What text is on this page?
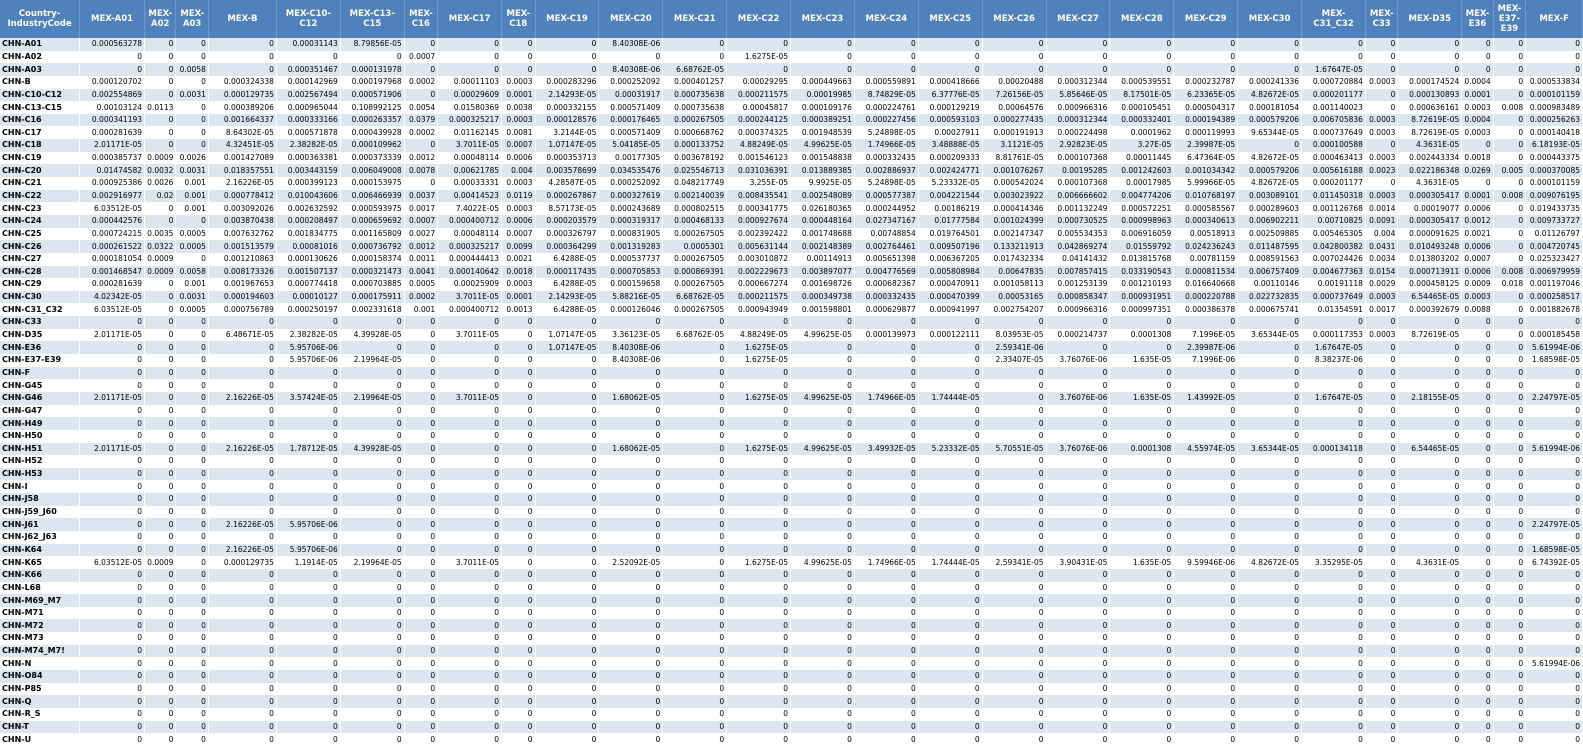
Country-IndustryCode	MEX-A01	MEX-A02	MEX-A03	MEX-B	MEX-C10-C12	MEX-C13-C15	MEX-C16	MEX-C17	MEX-C18	MEX-C19	MEX-C20	MEX-C21	MEX-C22	MEX-C23	MEX-C24	MEX-C25	MEX-C26	MEX-C27	MEX-C28	MEX-C29	MEX-C30	MEX-C31_C32	MEX-C33	MEX-D35	MEX-E36	MEX-E37-E39	MEX-F
CHN-A01	0.000563278	0	0	0	0.00031143	8.79856E-05	0	0	0	0	8.40308E-06	0	0	0	0	0	0	0	0	0	0	0	0	0	0	0	0
CHN-A02	0	0	0	0	0	0	0.0007	0	0	0	0	0	1.6275E-05	0	0	0	0	0	0	0	0	0	0	0	0	0	0
CHN-A03	0	0	0.0058	0	0.000351467	0.000131978	0	0	0	0	8.40308E-06	6.68762E-05	0	0	0	0	0	0	0	0	0	1.67647E-05	0	0	0	0	0
CHN-B	0.000120702	0	0	0.000324338	0.000142969	0.000197968	0.0002	0.00011103	0.0003	0.000283296	0.000252092	0.000401257	0.00029295	0.000449663	0.000559891	0.000418666	0.00020488	0.000312344	0.000539551	0.000232787	0.000241336	0.000720884	0.0003	0.000174524	0.0004	0	0.000533834
CHN-C10-C12	0.002554869	0	0.0031	0.000129735	0.002567494	0.000571906	0	0.00029609	0.0001	2.14293E-05	0.00031917	0.000735638	0.000211575	0.00019985	8.74829E-05	6.37776E-05	7.26156E-05	5.85646E-05	8.17501E-05	6.23365E-05	4.82672E-05	0.000201177	0	0.000130893	0.0001	0	0.000101159
CHN-C13-C15	0.00103124	0.0113	0	0.000389206	0.000965044	0.108992125	0.0054	0.01580369	0.0038	0.000332155	0.000571409	0.000735638	0.00045817	0.000109176	0.000224761	0.000129219	0.00064576	0.000966316	0.000105451	0.000504317	0.000181054	0.001140023	0	0.000636161	0.0003	0.008	0.000983489
CHN-C16	0.000341193	0	0	0.001664337	0.000333166	0.000263357	0.0379	0.000325217	0.0003	0.000128576	0.000176465	0.000267505	0.000244125	0.000389251	0.000227456	0.000593103	0.000277435	0.000312344	0.000332401	0.000194389	0.000579206	0.006705836	0.0003	8.72619E-05	0.0004	0	0.000256263
CHN-C17	0.000281639	0	0	8.64302E-05	0.000571878	0.000439928	0.0002	0.01162145	0.0081	3.2144E-05	0.000571409	0.000668762	0.000374325	0.001948539	5.24898E-05	0.00027911	0.000191913	0.000224498	0.0001962	0.000119993	9.65344E-05	0.000737649	0.0003	8.72619E-05	0.0003	0	0.000140418
CHN-C18	2.01171E-05	0	0	4.32451E-05	2.38282E-05	0.000109962	0	3.7011E-05	0.0007	1.07147E-05	5.04185E-05	0.000133752	4.88249E-05	4.99625E-05	1.74966E-05	3.48888E-05	3.1121E-05	2.92823E-05	3.27E-05	2.39987E-05	0	0.000100588	0	4.3631E-05	0	0	6.18193E-05
CHN-C19	0.000385737	0.0009	0.0026	0.001427089	0.000363381	0.000373339	0.0012	0.00048114	0.0006	0.000353713	0.00177305	0.003678192	0.001546123	0.001548838	0.000332435	0.000209333	8.81761E-05	0.000107368	0.00011445	6.47364E-05	4.82672E-05	0.000463413	0.0003	0.002443334	0.0018	0	0.000443375
CHN-C20	0.01474582	0.0032	0.0031	0.018357551	0.003443159	0.006049008	0.0078	0.00621785	0.004	0.003578699	0.034535476	0.025546713	0.031036391	0.013889385	0.002886937	0.002424771	0.001076267	0.00195285	0.001242603	0.001034342	0.000579206	0.005616188	0.0023	0.022186348	0.0269	0.005	0.000370085
CHN-C21	0.000925386	0.0026	0.001	2.16226E-05	0.000399123	0.000153975	0	0.00033331	0.0003	4.28587E-05	0.000252092	0.048217749	3.255E-05	9.9925E-05	5.24898E-05	5.23332E-05	0.000542024	0.000107368	0.00017985	5.99966E-05	4.82672E-05	0.000201177	0	4.3631E-05	0	0	0.000101159
CHN-C22	0.002916977	0.02	0.001	0.000778412	0.010043606	0.006466939	0.0037	0.00414523	0.0119	0.000267867	0.000327619	0.002140039	0.008435541	0.002548089	0.000577387	0.004221544	0.003023922	0.006666602	0.004774206	0.010768197	0.003089101	0.011450318	0.0003	0.000305417	0.0001	0.008	0.009076195
CHN-C23	6.03512E-05	0	0.001	0.003092026	0.002632592	0.000593975	0.0017	7.4022E-05	0.0003	8.57173E-05	0.000243689	0.000802515	0.000341775	0.026180365	0.000244952	0.00186219	0.000414346	0.001132249	0.000572251	0.000585567	0.000289603	0.001126768	0.0014	0.00019077	0.0006	0	0.019433735
CHN-C24	0.000442576	0	0	0.003870438	0.000208497	0.000659692	0.0007	0.000400712	0.0006	0.000203579	0.000319317	0.000468133	0.000927674	0.000448164	0.027347167	0.01777584	0.001024399	0.000730525	0.000998963	0.000340613	0.006902211	0.00710825	0.0091	0.000305417	0.0012	0	0.009733727
CHN-C25	0.000724215	0.0035	0.0005	0.007632762	0.001834775	0.001165809	0.0027	0.00048114	0.0007	0.000326797	0.000831905	0.000267505	0.002392422	0.001748688	0.00748854	0.019764501	0.002147347	0.005534353	0.006916059	0.00518913	0.002509885	0.005465305	0.004	0.000091625	0.0021	0	0.01126797
CHN-C26	0.000261522	0.0322	0.0005	0.001513579	0.00081016	0.000736792	0.0012	0.000325217	0.0099	0.000364299	0.001319283	0.0005301	0.005631144	0.002148389	0.002764461	0.009507196	0.133211913	0.042869274	0.01559792	0.024236243	0.011487595	0.042800382	0.0431	0.010493248	0.0006	0	0.004720745
CHN-C27	0.000181054	0.0009	0	0.001210863	0.000130626	0.000158374	0.0011	0.000444413	0.0021	6.4288E-05	0.000537737	0.000267505	0.003010872	0.00114913	0.005651398	0.006367205	0.017432334	0.04141432	0.013815768	0.00781159	0.008591563	0.007024426	0.0034	0.013803202	0.0007	0	0.025323427
CHN-C28	0.001468547	0.0009	0.0058	0.008173326	0.001507137	0.000321473	0.0041	0.000140642	0.0018	0.000117435	0.000705853	0.000869391	0.002229673	0.003897077	0.004776569	0.005808984	0.00647835	0.007857415	0.033190543	0.000811534	0.006757409	0.004677363	0.0154	0.000713911	0.0006	0.008	0.006979959
CHN-C29	0.000281639	0	0.001	0.001967653	0.000774418	0.000703885	0.0005	0.00025909	0.0003	6.4288E-05	0.000159658	0.000267505	0.000667274	0.001698726	0.000682367	0.000470911	0.001058113	0.001253139	0.001210193	0.016640668	0.00110146	0.00191118	0.0029	0.000458125	0.0009	0.018	0.001197046
CHN-C30	4.02342E-05	0	0.0031	0.000194603	0.00010127	0.000175911	0.0002	3.7011E-05	0.0001	2.14293E-05	5.88216E-05	6.68762E-05	0.000211575	0.000349738	0.000332435	0.000470399	0.00053165	0.000858347	0.000931951	0.000220788	0.022732835	0.000737649	0.0003	6.54465E-05	0.0003	0	0.000258517
CHN-C31_C32	6.03512E-05	0	0.0005	0.000756789	0.000250197	0.002331618	0.001	0.000400712	0.0013	6.4288E-05	0.000126046	0.000267505	0.000943949	0.001598801	0.000629877	0.000941997	0.002754207	0.000966316	0.000997351	0.000386378	0.000675741	0.01354591	0.0017	0.000392679	0.0088	0	0.001882678
CHN-C33	0	0	0	0	0	0	0	0	0	0	0	0	0	0	0	0	0	0	0	0	0	0	0	0	0	0	0
CHN-D35	2.01171E-05	0	0	6.48671E-05	2.38282E-05	4.39928E-05	0	3.7011E-05	0	1.07147E-05	3.36123E-05	6.68762E-05	4.88249E-05	4.99625E-05	0.000139973	0.000122111	8.03953E-05	0.000214737	0.0001308	7.1996E-05	3.65344E-05	0.000117353	0.0003	8.72619E-05	0	0	0.000185458
CHN-E36	0	0	0	0	5.95706E-06	0	0	0	0	1.07147E-05	8.40308E-06	0	1.6275E-05	0	0	0	2.59341E-06	0	0	2.39987E-06	0	1.67647E-05	0	0	0	0	5.61994E-06
CHN-E37-E39	0	0	0	0	5.95706E-06	2.19964E-05	0	0	0	0	8.40308E-06	0	1.6275E-05	0	0	0	2.33407E-05	3.76076E-06	1.635E-05	7.1996E-06	0	8.38237E-06	0	0	0	0	1.68598E-05
CHN-F	0	0	0	0	0	0	0	0	0	0	0	0	0	0	0	0	0	0	0	0	0	0	0	0	0	0	0
CHN-G45	0	0	0	0	0	0	0	0	0	0	0	0	0	0	0	0	0	0	0	0	0	0	0	0	0	0	0
CHN-G46	2.01171E-05	0	0	2.16226E-05	3.57424E-05	2.19964E-05	0	3.7011E-05	0	0	1.68062E-05	0	1.6275E-05	4.99625E-05	1.74966E-05	1.74444E-05	0	3.76076E-06	1.635E-05	1.43992E-05	0	1.67647E-05	0	2.18155E-05	0	0	2.24797E-05
CHN-G47	0	0	0	0	0	0	0	0	0	0	0	0	0	0	0	0	0	0	0	0	0	0	0	0	0	0	0
CHN-H49	0	0	0	0	0	0	0	0	0	0	0	0	0	0	0	0	0	0	0	0	0	0	0	0	0	0	0
CHN-H50	0	0	0	0	0	0	0	0	0	0	0	0	0	0	0	0	0	0	0	0	0	0	0	0	0	0	0
CHN-H51	2.01171E-05	0	0	2.16226E-05	1.78712E-05	4.39928E-05	0	0	0	0	1.68062E-05	0	1.6275E-05	4.99625E-05	3.49932E-05	5.23332E-05	5.70551E-05	3.76076E-06	0.0001308	4.55974E-05	3.65344E-05	0.000134118	0	6.54465E-05	0	0	5.61994E-06
CHN-H52	0	0	0	0	0	0	0	0	0	0	0	0	0	0	0	0	0	0	0	0	0	0	0	0	0	0	0
CHN-H53	0	0	0	0	0	0	0	0	0	0	0	0	0	0	0	0	0	0	0	0	0	0	0	0	0	0	0
CHN-I	0	0	0	0	0	0	0	0	0	0	0	0	0	0	0	0	0	0	0	0	0	0	0	0	0	0	0
CHN-J58	0	0	0	0	0	0	0	0	0	0	0	0	0	0	0	0	0	0	0	0	0	0	0	0	0	0	0
CHN-J59_J60	0	0	0	0	0	0	0	0	0	0	0	0	0	0	0	0	0	0	0	0	0	0	0	0	0	0	0
CHN-J61	0	0	0	2.16226E-05	5.95706E-06	0	0	0	0	0	0	0	0	0	0	0	0	0	0	0	0	0	0	0	0	0	2.24797E-05
CHN-J62_J63	0	0	0	0	0	0	0	0	0	0	0	0	0	0	0	0	0	0	0	0	0	0	0	0	0	0	0
CHN-K64	0	0	0	2.16226E-05	5.95706E-06	0	0	0	0	0	0	0	0	0	0	0	0	0	0	0	0	0	0	0	0	0	1.68598E-05
CHN-K65	6.03512E-05	0.0009	0	0.000129735	1.1914E-05	2.19964E-05	0	3.7011E-05	0	0	2.52092E-05	0	1.6275E-05	4.99625E-05	1.74966E-05	1.74444E-05	2.59341E-05	3.90431E-05	1.635E-05	9.59946E-06	4.82672E-05	3.35295E-05	0	4.3631E-05	0	0	6.74392E-05
CHN-K66	0	0	0	0	0	0	0	0	0	0	0	0	0	0	0	0	0	0	0	0	0	0	0	0	0	0	0
CHN-L68	0	0	0	0	0	0	0	0	0	0	0	0	0	0	0	0	0	0	0	0	0	0	0	0	0	0	0
CHN-M69_M7	0	0	0	0	0	0	0	0	0	0	0	0	0	0	0	0	0	0	0	0	0	0	0	0	0	0	0
CHN-M71	0	0	0	0	0	0	0	0	0	0	0	0	0	0	0	0	0	0	0	0	0	0	0	0	0	0	0
CHN-M72	0	0	0	0	0	0	0	0	0	0	0	0	0	0	0	0	0	0	0	0	0	0	0	0	0	0	0
CHN-M73	0	0	0	0	0	0	0	0	0	0	0	0	0	0	0	0	0	0	0	0	0	0	0	0	0	0	0
CHN-M74_M7!	0	0	0	0	0	0	0	0	0	0	0	0	0	0	0	0	0	0	0	0	0	0	0	0	0	0	0
CHN-N	0	0	0	0	0	0	0	0	0	0	0	0	0	0	0	0	0	0	0	0	0	0	0	0	0	0	5.61994E-06
CHN-O84	0	0	0	0	0	0	0	0	0	0	0	0	0	0	0	0	0	0	0	0	0	0	0	0	0	0	0
CHN-P85	0	0	0	0	0	0	0	0	0	0	0	0	0	0	0	0	0	0	0	0	0	0	0	0	0	0	0
CHN-Q	0	0	0	0	0	0	0	0	0	0	0	0	0	0	0	0	0	0	0	0	0	0	0	0	0	0	0
CHN-R_S	0	0	0	0	0	0	0	0	0	0	0	0	0	0	0	0	0	0	0	0	0	0	0	0	0	0	0
CHN-T	0	0	0	0	0	0	0	0	0	0	0	0	0	0	0	0	0	0	0	0	0	0	0	0	0	0	0
CHN-U	0	0	0	0	0	0	0	0	0	0	0	0	0	0	0	0	0	0	0	0	0	0	0	0	0	0	0
